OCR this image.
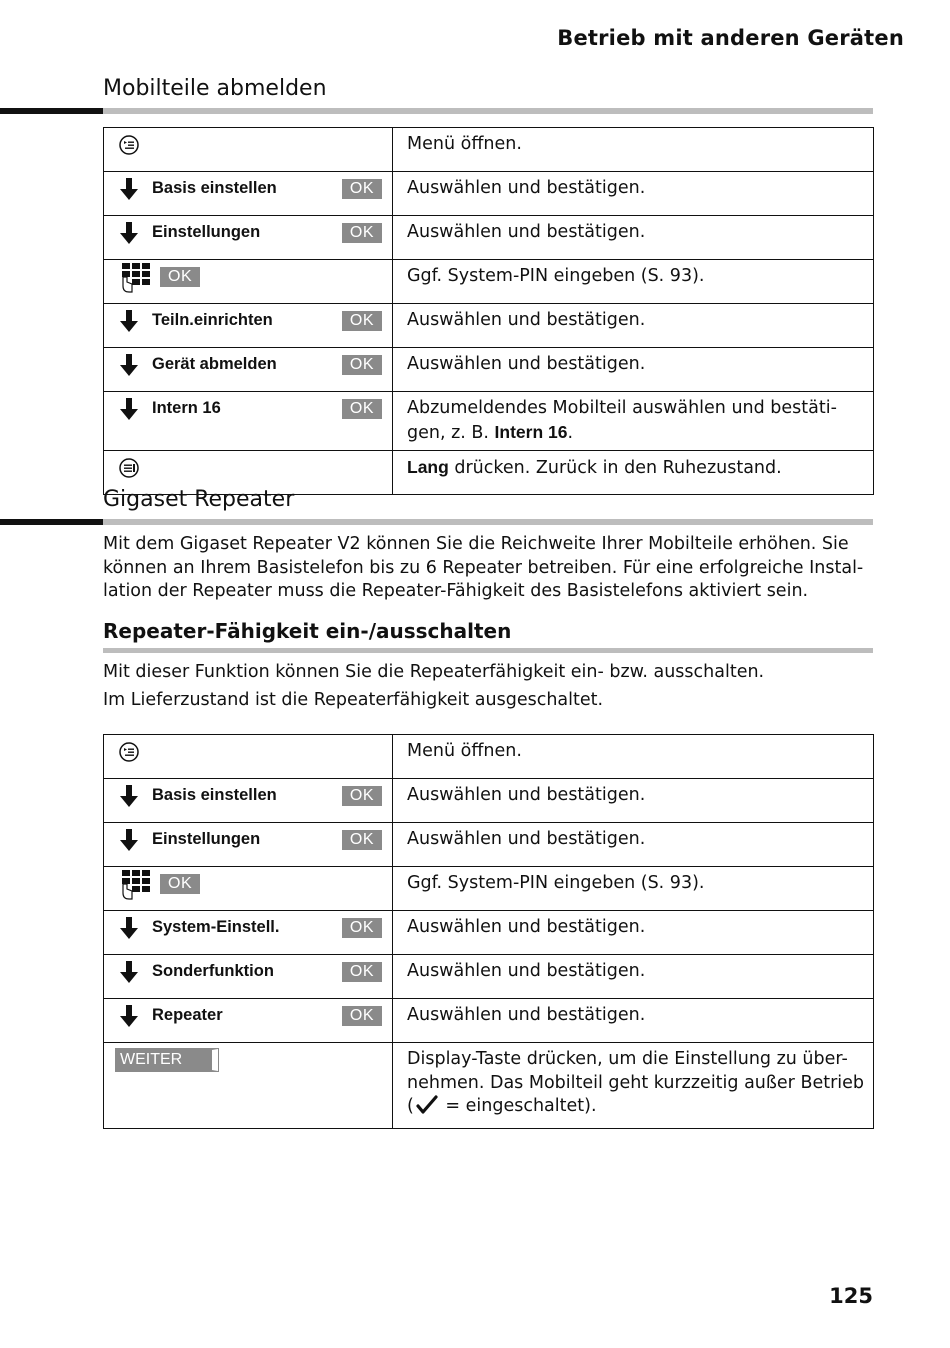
Betrieb mit anderen Geräten
Mobilteile abmelden
	Menü öffnen.

Basis einstellen OK	Auswählen und bestätigen.

Einstellungen OK	Auswählen und bestätigen.

OK	Ggf. System-PIN eingeben (S. 93).

Teiln.einrichten OK	Auswählen und bestätigen.

Gerät abmelden OK	Auswählen und bestätigen.

Intern 16 OK	Abzumeldendes Mobilteil auswählen und bestäti-gen, z. B. Intern 16.

	Lang drücken. Zurück in den Ruhezustand.
Gigaset Repeater
Mit dem Gigaset Repeater V2 können Sie die Reichweite Ihrer Mobilteile erhöhen. Sie können an Ihrem Basistelefon bis zu 6 Repeater betreiben. Für eine erfolgreiche Instal-lation der Repeater muss die Repeater-Fähigkeit des Basistelefons aktiviert sein.
Repeater-Fähigkeit ein-/ausschalten
Mit dieser Funktion können Sie die Repeaterfähigkeit ein- bzw. ausschalten.
Im Lieferzustand ist die Repeaterfähigkeit ausgeschaltet.
	Menü öffnen.

Basis einstellen OK	Auswählen und bestätigen.

Einstellungen OK	Auswählen und bestätigen.

OK	Ggf. System-PIN eingeben (S. 93).

System-Einstell. OK	Auswählen und bestätigen.

Sonderfunktion OK	Auswählen und bestätigen.

Repeater OK	Auswählen und bestätigen.

WEITER	Display-Taste drücken, um die Einstellung zu über-nehmen. Das Mobilteil geht kurzzeitig außer Betrieb ( = eingeschaltet).
125
